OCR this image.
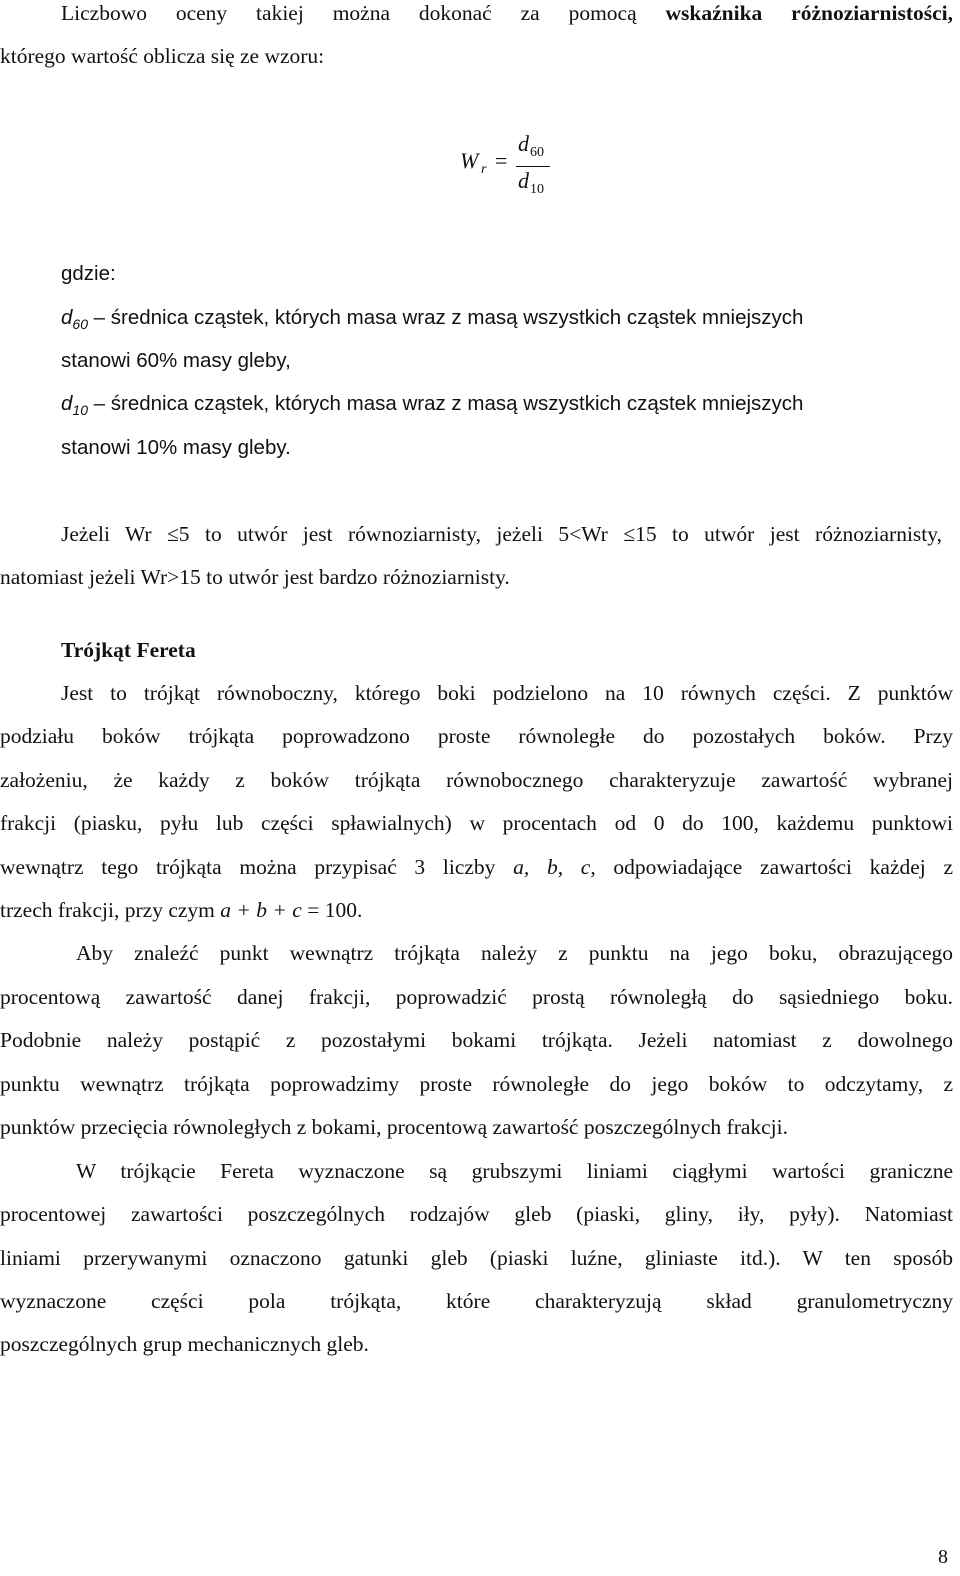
Liczbowo oceny takiej można dokonać za pomocą wskaźnika różnoziarnistości,

którego wartość oblicza się ze wzoru:

W r =
d 60
d 10

gdzie:

$d_{60}$ – średnica cząstek, których masa wraz z masą wszystkich cząstek mniejszych

stanowi 60% masy gleby,

$d_{10}$ – średnica cząstek, których masa wraz z masą wszystkich cząstek mniejszych

stanowi 10% masy gleby.

Jeżeli Wr ≤5 to utwór jest równoziarnisty, jeżeli 5<Wr ≤15 to utwór jest różnoziarnisty,

natomiast jeżeli Wr>15 to utwór jest bardzo różnoziarnisty.

Trójkąt Fereta

Jest to trójkąt równoboczny, którego boki podzielono na 10 równych części. Z punktów

podziału boków trójkąta poprowadzono proste równoległe do pozostałych boków. Przy

założeniu, że każdy z boków trójkąta równobocznego charakteryzuje zawartość wybranej

frakcji (piasku, pyłu lub części spławialnych) w procentach od 0 do 100, każdemu punktowi

wewnątrz tego trójkąta można przypisać 3 liczby a, b, c, odpowiadające zawartości każdej z

trzech frakcji, przy czym a + b + c = 100.

Aby znaleźć punkt wewnątrz trójkąta należy z punktu na jego boku, obrazującego

procentową zawartość danej frakcji, poprowadzić prostą równoległą do sąsiedniego boku.

Podobnie należy postąpić z pozostałymi bokami trójkąta. Jeżeli natomiast z dowolnego

punktu wewnątrz trójkąta poprowadzimy proste równoległe do jego boków to odczytamy, z

punktów przecięcia równoległych z bokami, procentową zawartość poszczególnych frakcji.

W trójkącie Fereta wyznaczone są grubszymi liniami ciągłymi wartości graniczne

procentowej zawartości poszczególnych rodzajów gleb (piaski, gliny, iły, pyły). Natomiast

liniami przerywanymi oznaczono gatunki gleb (piaski luźne, gliniaste itd.). W ten sposób

wyznaczone części pola trójkąta, które charakteryzują skład granulometryczny

poszczególnych grup mechanicznych gleb.

8
